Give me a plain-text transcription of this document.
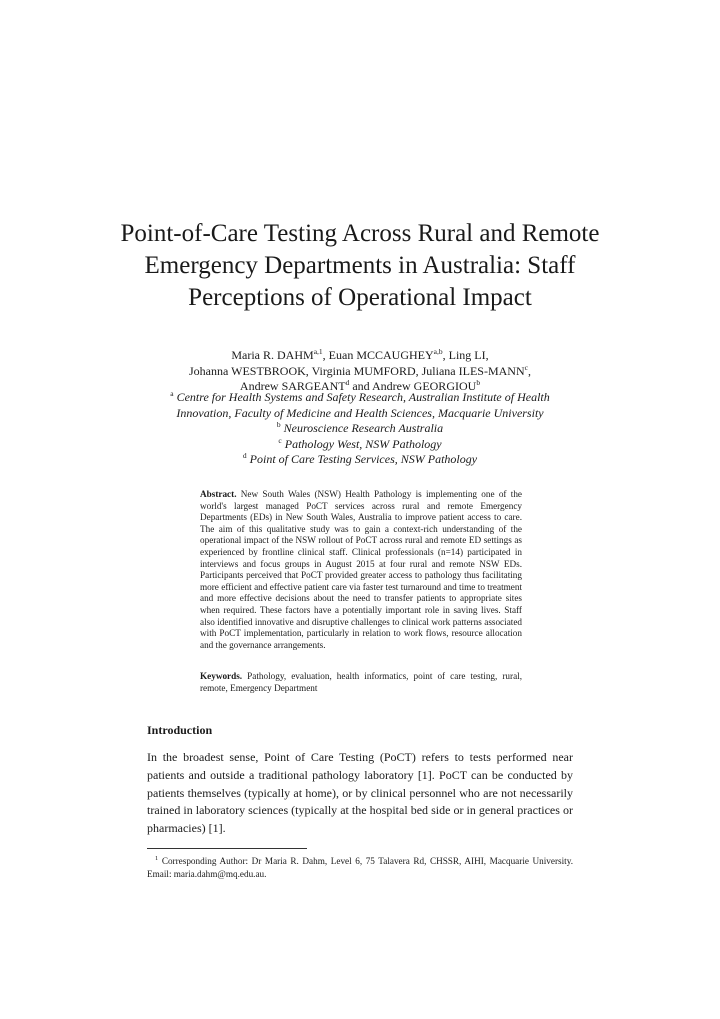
Point-of-Care Testing Across Rural and Remote Emergency Departments in Australia: Staff Perceptions of Operational Impact
Maria R. DAHM$^{a,1}$, Euan MCCAUGHEY$^{a,b}$, Ling LI,
Johanna WESTBROOK, Virginia MUMFORD, Juliana ILES-MANN$^c$,
Andrew SARGEANT$^d$ and Andrew GEORGIOU$^b$
$^a$ Centre for Health Systems and Safety Research, Australian Institute of Health
Innovation, Faculty of Medicine and Health Sciences, Macquarie University
$^b$ Neuroscience Research Australia
$^c$ Pathology West, NSW Pathology
$^d$ Point of Care Testing Services, NSW Pathology

Abstract. New South Wales (NSW) Health Pathology is implementing one of the world's largest managed PoCT services across rural and remote Emergency Departments (EDs) in New South Wales, Australia to improve patient access to care. The aim of this qualitative study was to gain a context-rich understanding of the operational impact of the NSW rollout of PoCT across rural and remote ED settings as experienced by frontline clinical staff. Clinical professionals (n=14) participated in interviews and focus groups in August 2015 at four rural and remote NSW EDs. Participants perceived that PoCT provided greater access to pathology thus facilitating more efficient and effective patient care via faster test turnaround and time to treatment and more effective decisions about the need to transfer patients to appropriate sites when required. These factors have a potentially important role in saving lives. Staff also identified innovative and disruptive challenges to clinical work patterns associated with PoCT implementation, particularly in relation to work flows, resource allocation and the governance arrangements.

Keywords. Pathology, evaluation, health informatics, point of care testing, rural, remote, Emergency Department

Introduction

In the broadest sense, Point of Care Testing (PoCT) refers to tests performed near patients and outside a traditional pathology laboratory [1]. PoCT can be conducted by patients themselves (typically at home), or by clinical personnel who are not necessarily trained in laboratory sciences (typically at the hospital bed side or in general practices or pharmacies) [1].

$^1$ Corresponding Author: Dr Maria R. Dahm, Level 6, 75 Talavera Rd, CHSSR, AIHI, Macquarie University. Email: maria.dahm@mq.edu.au.
